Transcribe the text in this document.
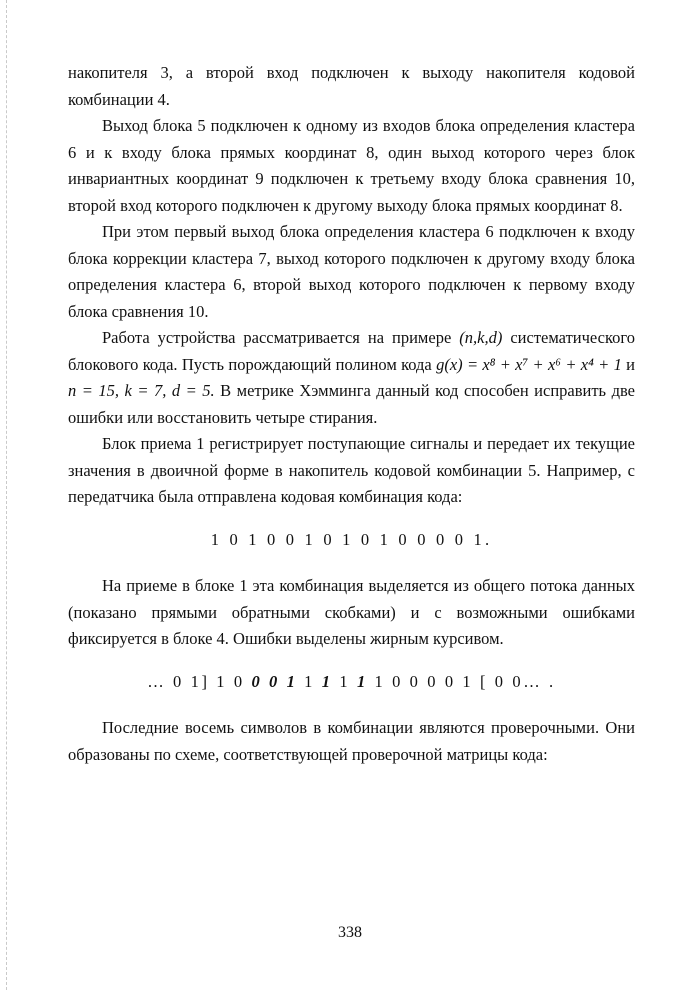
накопителя 3, а второй вход подключен к выходу накопителя кодовой комбинации 4.

Выход блока 5 подключен к одному из входов блока определения кластера 6 и к входу блока прямых координат 8, один выход которого через блок инвариантных координат 9 подключен к третьему входу блока сравнения 10, второй вход которого подключен к другому выходу блока прямых координат 8.

При этом первый выход блока определения кластера 6 подключен к входу блока коррекции кластера 7, выход которого подключен к другому входу блока определения кластера 6, второй выход которого подключен к первому входу блока сравнения 10.

Работа устройства рассматривается на примере (n,k,d) систематического блокового кода. Пусть порождающий полином кода g(x) = x⁸ + x⁷ + x⁶ + x⁴ + 1 и n = 15, k = 7, d = 5. В метрике Хэмминга данный код способен исправить две ошибки или восстановить четыре стирания.

Блок приема 1 регистрирует поступающие сигналы и передает их текущие значения в двоичной форме в накопитель кодовой комбинации 5. Например, с передатчика была отправлена кодовая комбинация кода:

1 0 1 0 0 1 0 1 0 1 0 0 0 0 1.

На приеме в блоке 1 эта комбинация выделяется из общего потока данных (показано прямыми обратными скобками) и с возможными ошибками фиксируется в блоке 4. Ошибки выделены жирным курсивом.

… 0 1] 1 0 0 0 1 1 1 1 1 1 0 0 0 0 1 [ 0 0… .

Последние восемь символов в комбинации являются проверочными. Они образованы по схеме, соответствующей проверочной матрицы кода:

338
